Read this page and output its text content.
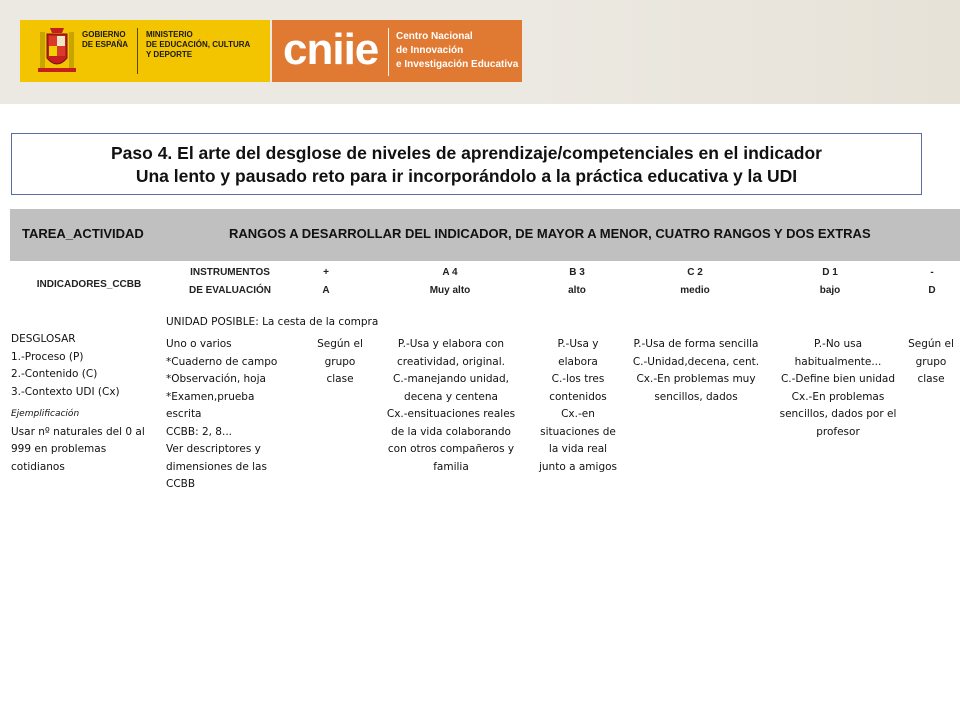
GOBIERNO
DE ESPAÑA
MINISTERIO
DE EDUCACIÓN, CULTURA
Y DEPORTE	cniie Centro Nacional
de Innovación
e Investigación Educativa
Paso 4. El arte del desglose de niveles de aprendizaje/competenciales en el indicador
Una lento y pausado reto para ir incorporándolo a la práctica educativa y la UDI
TAREA_ACTIVIDAD	RANGOS A DESARROLLAR DEL INDICADOR, DE MAYOR A MENOR, CUATRO RANGOS Y DOS EXTRAS
INDICADORES_CCBB
INSTRUMENTOS
DE EVALUACIÓN
+
A
A 4
Muy alto
B 3
alto
C 2
medio
D 1
bajo
-
D
UNIDAD POSIBLE: La cesta de la compra
DESGLOSAR
1.-Proceso (P)
2.-Contenido (C)
3.-Contexto UDI (Cx)
Ejemplificación
Usar nº naturales del 0 al
999 en problemas
cotidianos
Uno o varios
*Cuaderno de campo
*Observación, hoja
*Examen,prueba
escrita
CCBB: 2, 8...
Ver descriptores y
dimensiones de las
CCBB
Según el
grupo
clase
P.-Usa y elabora con
creatividad, original.
C.-manejando unidad,
decena y centena
Cx.-ensituaciones reales
de la vida colaborando
con otros compañeros y
familia
P.-Usa y
elabora
C.-los tres
contenidos
Cx.-en
situaciones de
la vida real
junto a amigos
P.-Usa de forma sencilla
C.-Unidad,decena, cent.
Cx.-En problemas muy
sencillos, dados
P.-No usa
habitualmente...
C.-Define bien unidad
Cx.-En problemas
sencillos, dados por el
profesor
Según el
grupo
clase
